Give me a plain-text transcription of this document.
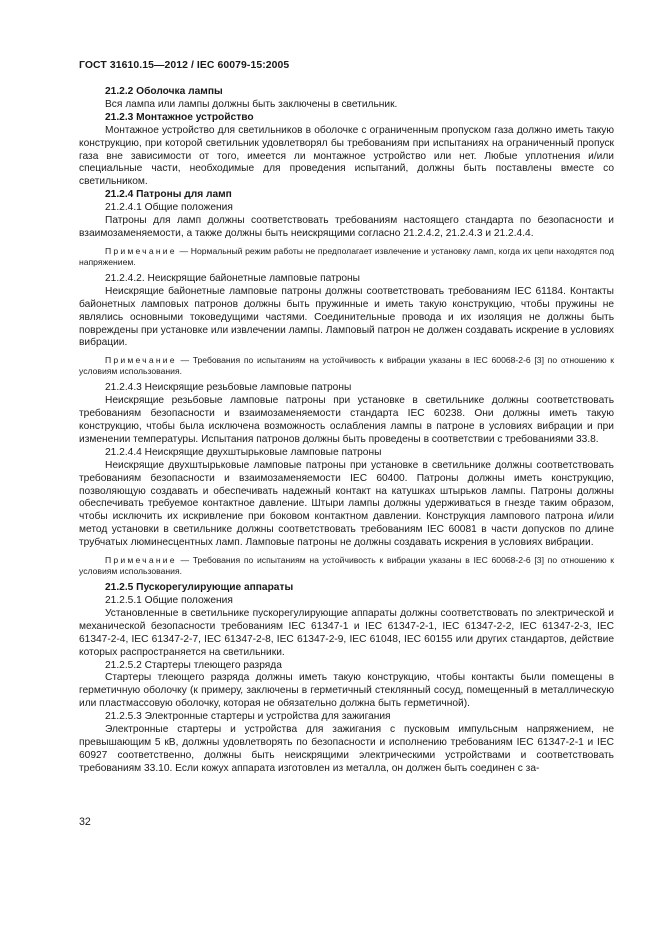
ГОСТ 31610.15—2012 / IEC 60079-15:2005

21.2.2 Оболочка лампы

Вся лампа или лампы должны быть заключены в светильник.

21.2.3 Монтажное устройство

Монтажное устройство для светильников в оболочке с ограниченным пропуском газа должно иметь такую конструкцию, при которой светильник удовлетворял бы требованиям при испытаниях на ограниченный пропуск газа вне зависимости от того, имеется ли монтажное устройство или нет. Любые уплотнения и/или специальные части, необходимые для проведения испытаний, должны быть поставлены вместе со светильником.

21.2.4 Патроны для ламп

21.2.4.1 Общие положения

Патроны для ламп должны соответствовать требованиям настоящего стандарта по безопасности и взаимозаменяемости, а также должны быть неискрящими согласно 21.2.4.2, 21.2.4.3 и 21.2.4.4.

Примечание — Нормальный режим работы не предполагает извлечение и установку ламп, когда их цепи находятся под напряжением.

21.2.4.2. Неискрящие байонетные ламповые патроны

Неискрящие байонетные ламповые патроны должны соответствовать требованиям IEC 61184. Контакты байонетных ламповых патронов должны быть пружинные и иметь такую конструкцию, чтобы пружины не являлись основными токоведущими частями. Соединительные провода и их изоляция не должны быть повреждены при установке или извлечении лампы. Ламповый патрон не должен создавать искрение в условиях вибрации.

Примечание — Требования по испытаниям на устойчивость к вибрации указаны в IEC 60068-2-6 [3] по отношению к условиям использования.

21.2.4.3 Неискрящие резьбовые ламповые патроны

Неискрящие резьбовые ламповые патроны при установке в светильнике должны соответствовать требованиям безопасности и взаимозаменяемости стандарта IEC 60238. Они должны иметь такую конструкцию, чтобы была исключена возможность ослабления лампы в патроне в условиях вибрации и при изменении температуры. Испытания патронов должны быть проведены в соответствии с требованиями 33.8.

21.2.4.4 Неискрящие двухштырьковые ламповые патроны

Неискрящие двухштырьковые ламповые патроны при установке в светильнике должны соответствовать требованиям безопасности и взаимозаменяемости IEC 60400. Патроны должны иметь конструкцию, позволяющую создавать и обеспечивать надежный контакт на катушках штырьков лампы. Патроны должны обеспечивать требуемое контактное давление. Штыри лампы должны удерживаться в гнезде таким образом, чтобы исключить их искривление при боковом контактном давлении. Конструкция лампового патрона и/или метод установки в светильнике должны соответствовать требованиям IEC 60081 в части допусков по длине трубчатых люминесцентных ламп. Ламповые патроны не должны создавать искрения в условиях вибрации.

Примечание — Требования по испытаниям на устойчивость к вибрации указаны в IEC 60068-2-6 [3] по отношению к условиям использования.

21.2.5 Пускорегулирующие аппараты

21.2.5.1 Общие положения

Установленные в светильнике пускорегулирующие аппараты должны соответствовать по электрической и механической безопасности требованиям IEC 61347-1 и IEC 61347-2-1, IEC 61347-2-2, IEC 61347-2-3, IEC 61347-2-4, IEC 61347-2-7, IEC 61347-2-8, IEC 61347-2-9, IEC 61048, IEC 60155 или других стандартов, действие которых распространяется на светильники.

21.2.5.2 Стартеры тлеющего разряда

Стартеры тлеющего разряда должны иметь такую конструкцию, чтобы контакты были помещены в герметичную оболочку (к примеру, заключены в герметичный стеклянный сосуд, помещенный в металлическую или пластмассовую оболочку, которая не обязательно должна быть герметичной).

21.2.5.3 Электронные стартеры и устройства для зажигания

Электронные стартеры и устройства для зажигания с пусковым импульсным напряжением, не превышающим 5 кВ, должны удовлетворять по безопасности и исполнению требованиям IEC 61347-2-1 и IEC 60927 соответственно, должны быть неискрящими электрическими устройствами и соответствовать требованиям 33.10. Если кожух аппарата изготовлен из металла, он должен быть соединен с за-

32
